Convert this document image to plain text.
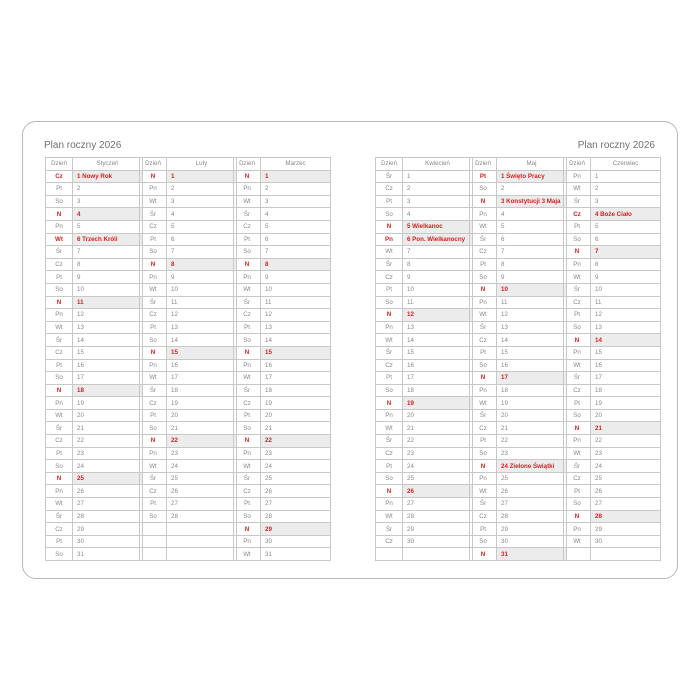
Plan roczny 2026	Plan roczny 2026
Dzień	Styczeń
Cz	1 Nowy Rok
Pt	2
So	3
N	4
Pn	5
Wt	6 Trzech Króli
Śr	7
Cz	8
Pt	9
So	10
N	11
Pn	12
Wt	13
Śr	14
Cz	15
Pt	16
So	17
N	18
Pn	19
Wt	20
Śr	21
Cz	22
Pt	23
So	24
N	25
Pn	26
Wt	27
Śr	28
Cz	29
Pt	30
So	31
Dzień	Luty
N	1
Pn	2
Wt	3
Śr	4
Cz	5
Pt	6
So	7
N	8
Pn	9
Wt	10
Śr	11
Cz	12
Pt	13
So	14
N	15
Pn	16
Wt	17
Śr	18
Cz	19
Pt	20
So	21
N	22
Pn	23
Wt	24
Śr	25
Cz	26
Pt	27
So	28

Dzień	Marzec
N	1
Pn	2
Wt	3
Śr	4
Cz	5
Pt	6
So	7
N	8
Pn	9
Wt	10
Śr	11
Cz	12
Pt	13
So	14
N	15
Pn	16
Wt	17
Śr	18
Cz	19
Pt	20
So	21
N	22
Pn	23
Wt	24
Śr	25
Cz	26
Pt	27
So	28
N	29
Pn	30
Wt	31
Dzień	Kwiecień
Śr	1
Cz	2
Pt	3
So	4
N	5 Wielkanoc
Pn	6 Pon. Wielkanocny
Wt	7
Śr	8
Cz	9
Pt	10
So	11
N	12
Pn	13
Wt	14
Śr	15
Cz	16
Pt	17
So	18
N	19
Pn	20
Wt	21
Śr	22
Cz	23
Pt	24
So	25
N	26
Pn	27
Wt	28
Śr	29
Cz	30

Dzień	Maj
Pt	1 Święto Pracy
So	2
N	3 Konstytucji 3 Maja
Pn	4
Wt	5
Śr	6
Cz	7
Pt	8
So	9
N	10
Pn	11
Wt	12
Śr	13
Cz	14
Pt	15
So	16
N	17
Pn	18
Wt	19
Śr	20
Cz	21
Pt	22
So	23
N	24 Zielone Świątki
Pn	25
Wt	26
Śr	27
Cz	28
Pt	29
So	30
N	31
Dzień	Czerwiec
Pn	1
Wt	2
Śr	3
Cz	4 Boże Ciało
Pt	5
So	6
N	7
Pn	8
Wt	9
Śr	10
Cz	11
Pt	12
So	13
N	14
Pn	15
Wt	16
Śr	17
Cz	18
Pt	19
So	20
N	21
Pn	22
Wt	23
Śr	24
Cz	25
Pt	26
So	27
N	28
Pn	29
Wt	30
